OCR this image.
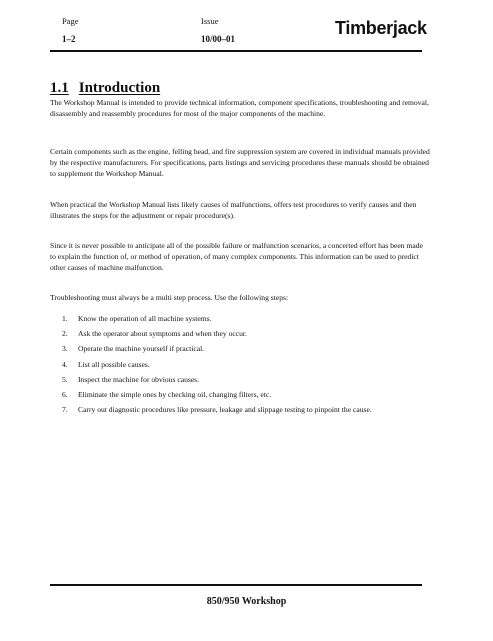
Page
1–2
Issue
10/00–01
Timberjack
1.1 Introduction

The Workshop Manual is intended to provide technical information, component specifications, troubleshooting and removal, disassembly and reassembly procedures for most of the major components of the machine.

Certain components such as the engine, felling head, and fire suppression system are covered in individual manuals provided by the respective manufacturers. For specifications, parts listings and servicing procedures these manuals should be obtained to supplement the Workshop Manual.

When practical the Workshop Manual lists likely causes of malfunctions, offers test procedures to verify causes and then illustrates the steps for the adjustment or repair procedure(s).

Since it is never possible to anticipate all of the possible failure or malfunction scenarios, a concerted effort has been made to explain the function of, or method of operation, of many complex components. This information can be used to predict other causes of machine malfunction.

Troubleshooting must always be a multi step process. Use the following steps:

1. Know the operation of all machine systems.
2. Ask the operator about symptoms and when they occur.
3. Operate the machine yourself if practical.
4. List all possible causes.
5. Inspect the machine for obvious causes.
6. Eliminate the simple ones by checking oil, changing filters, etc.
7. Carry out diagnostic procedures like pressure, leakage and slippage testing to pinpoint the cause.
850/950 Workshop
